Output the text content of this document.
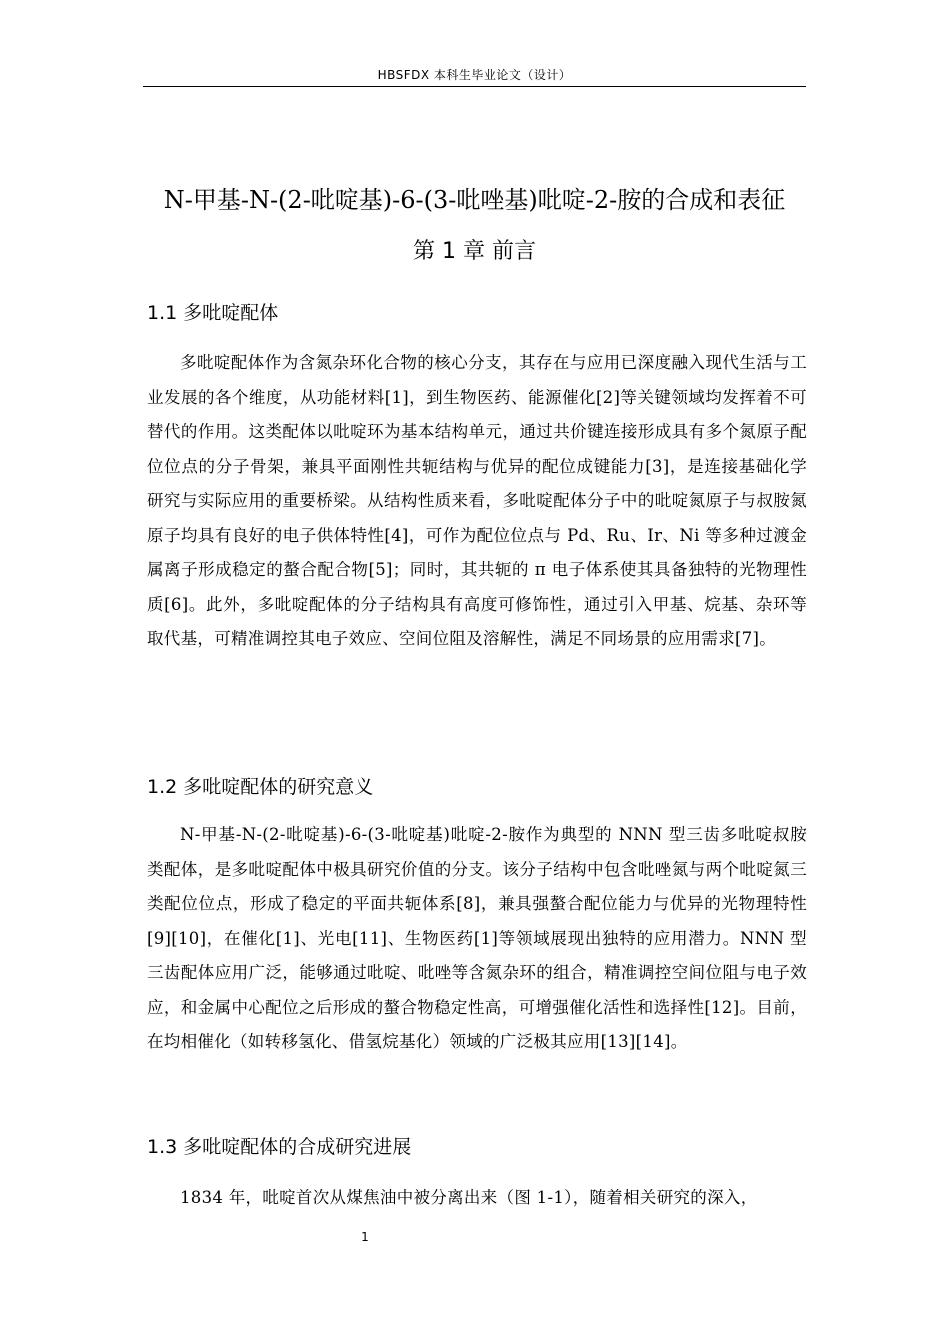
HBSFDX 本科生毕业论文（设计）
N-甲基-N-(2-吡啶基)-6-(3-吡唑基)吡啶-2-胺的合成和表征
第 1 章 前言
1.1 多吡啶配体
多吡啶配体作为含氮杂环化合物的核心分支，其存在与应用已深度融入现代生活与工业发展的各个维度，从功能材料[1]，到生物医药、能源催化[2]等关键领域均发挥着不可替代的作用。这类配体以吡啶环为基本结构单元，通过共价键连接形成具有多个氮原子配位位点的分子骨架，兼具平面刚性共轭结构与优异的配位成键能力[3]，是连接基础化学研究与实际应用的重要桥梁。从结构性质来看，多吡啶配体分子中的吡啶氮原子与叔胺氮原子均具有良好的电子供体特性[4]，可作为配位位点与 Pd、Ru、Ir、Ni 等多种过渡金属离子形成稳定的螯合配合物[5]；同时，其共轭的 π 电子体系使其具备独特的光物理性质[6]。此外，多吡啶配体的分子结构具有高度可修饰性，通过引入甲基、烷基、杂环等取代基，可精准调控其电子效应、空间位阻及溶解性，满足不同场景的应用需求[7]。
1.2 多吡啶配体的研究意义
N-甲基-N-(2-吡啶基)-6-(3-吡啶基)吡啶-2-胺作为典型的 NNN 型三齿多吡啶叔胺类配体，是多吡啶配体中极具研究价值的分支。该分子结构中包含吡唑氮与两个吡啶氮三类配位位点，形成了稳定的平面共轭体系[8]，兼具强螯合配位能力与优异的光物理特性[9][10]，在催化[1]、光电[11]、生物医药[1]等领域展现出独特的应用潜力。NNN 型三齿配体应用广泛，能够通过吡啶、吡唑等含氮杂环的组合，精准调控空间位阻与电子效应，和金属中心配位之后形成的螯合物稳定性高，可增强催化活性和选择性[12]。目前，在均相催化（如转移氢化、借氢烷基化）领域的广泛极其应用[13][14]。
1.3 多吡啶配体的合成研究进展
1834 年，吡啶首次从煤焦油中被分离出来（图 1-1），随着相关研究的深入，
1
